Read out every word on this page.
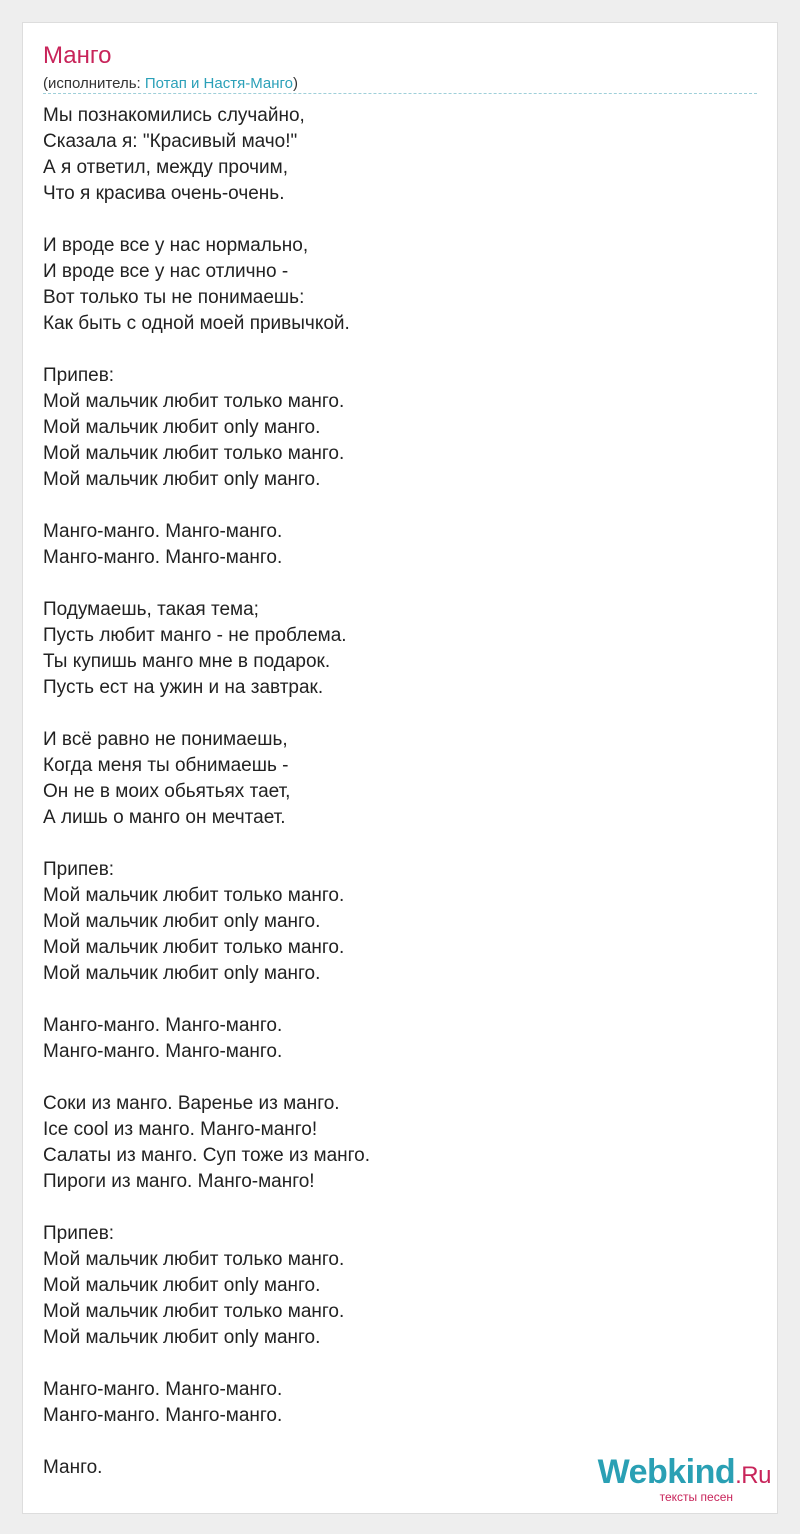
Манго
(исполнитель: Потап и Настя-Манго)
Мы познакомились случайно,
Сказала я: "Красивый мачо!"
А я ответил, между прочим,
Что я красива очень-очень.
И вроде все у нас нормально,
И вроде все у нас отлично -
Вот только ты не понимаешь:
Как быть с одной моей привычкой.
Припев:
Мой мальчик любит только манго.
Мой мальчик любит only манго.
Мой мальчик любит только манго.
Мой мальчик любит only манго.
Манго-манго. Манго-манго.
Манго-манго. Манго-манго.
Подумаешь, такая тема;
Пусть любит манго - не проблема.
Ты купишь манго мне в подарок.
Пусть ест на ужин и на завтрак.
И всё равно не понимаешь,
Когда меня ты обнимаешь -
Он не в моих обьятьях тает,
А лишь о манго он мечтает.
Припев:
Мой мальчик любит только манго.
Мой мальчик любит only манго.
Мой мальчик любит только манго.
Мой мальчик любит only манго.
Манго-манго. Манго-манго.
Манго-манго. Манго-манго.
Соки из манго. Варенье из манго.
Ice cool из манго. Манго-манго!
Салаты из манго. Суп тоже из манго.
Пироги из манго. Манго-манго!
Припев:
Мой мальчик любит только манго.
Мой мальчик любит only манго.
Мой мальчик любит только манго.
Мой мальчик любит only манго.
Манго-манго. Манго-манго.
Манго-манго. Манго-манго.
Манго.	Webkind.Ru
тексты песен
